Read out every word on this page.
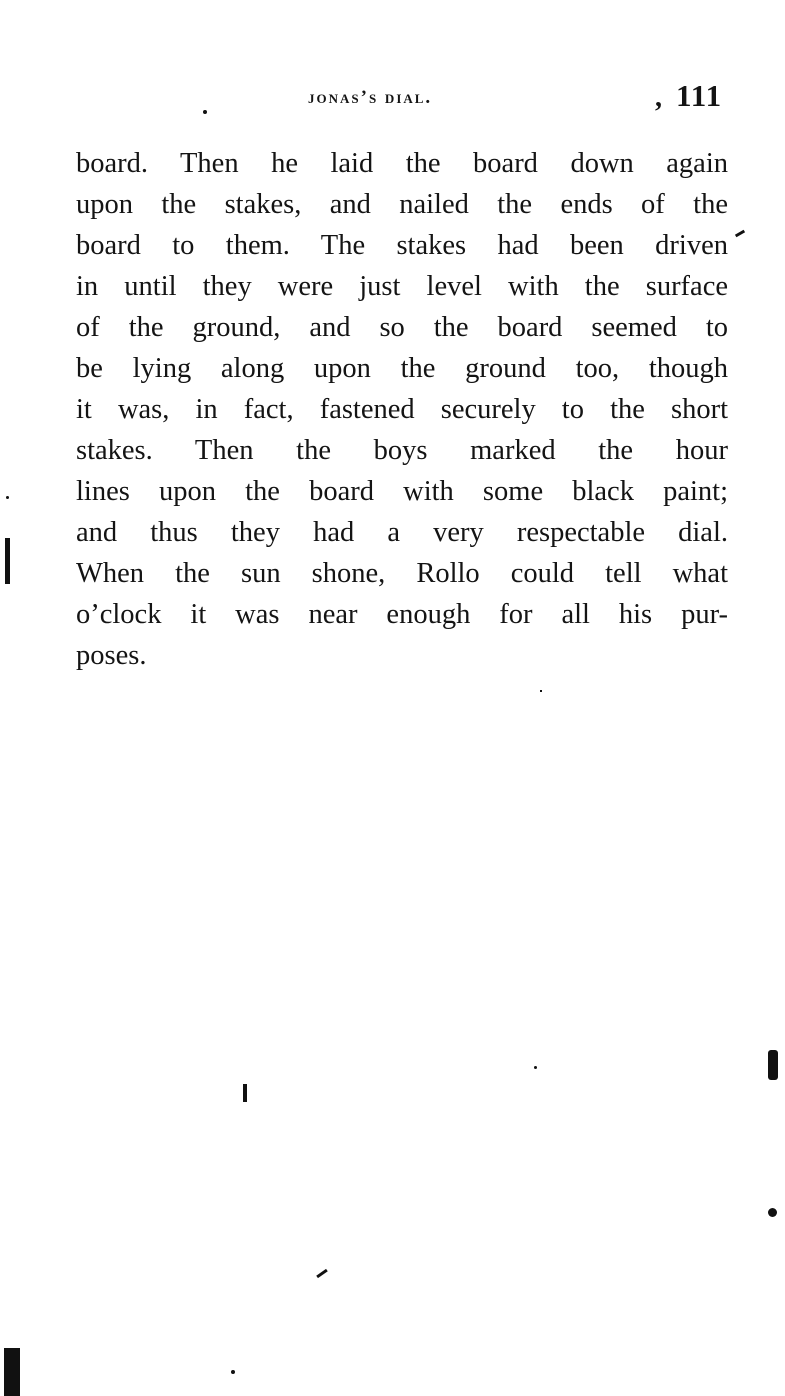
jonas’s dial.	, 111
board. Then he laid the board down again
upon the stakes, and nailed the ends of the
board to them. The stakes had been driven
in until they were just level with the surface
of the ground, and so the board seemed to
be lying along upon the ground too, though
it was, in fact, fastened securely to the short
stakes. Then the boys marked the hour
lines upon the board with some black paint;
and thus they had a very respectable dial.
When the sun shone, Rollo could tell what
o’clock it was near enough for all his pur-
poses.
